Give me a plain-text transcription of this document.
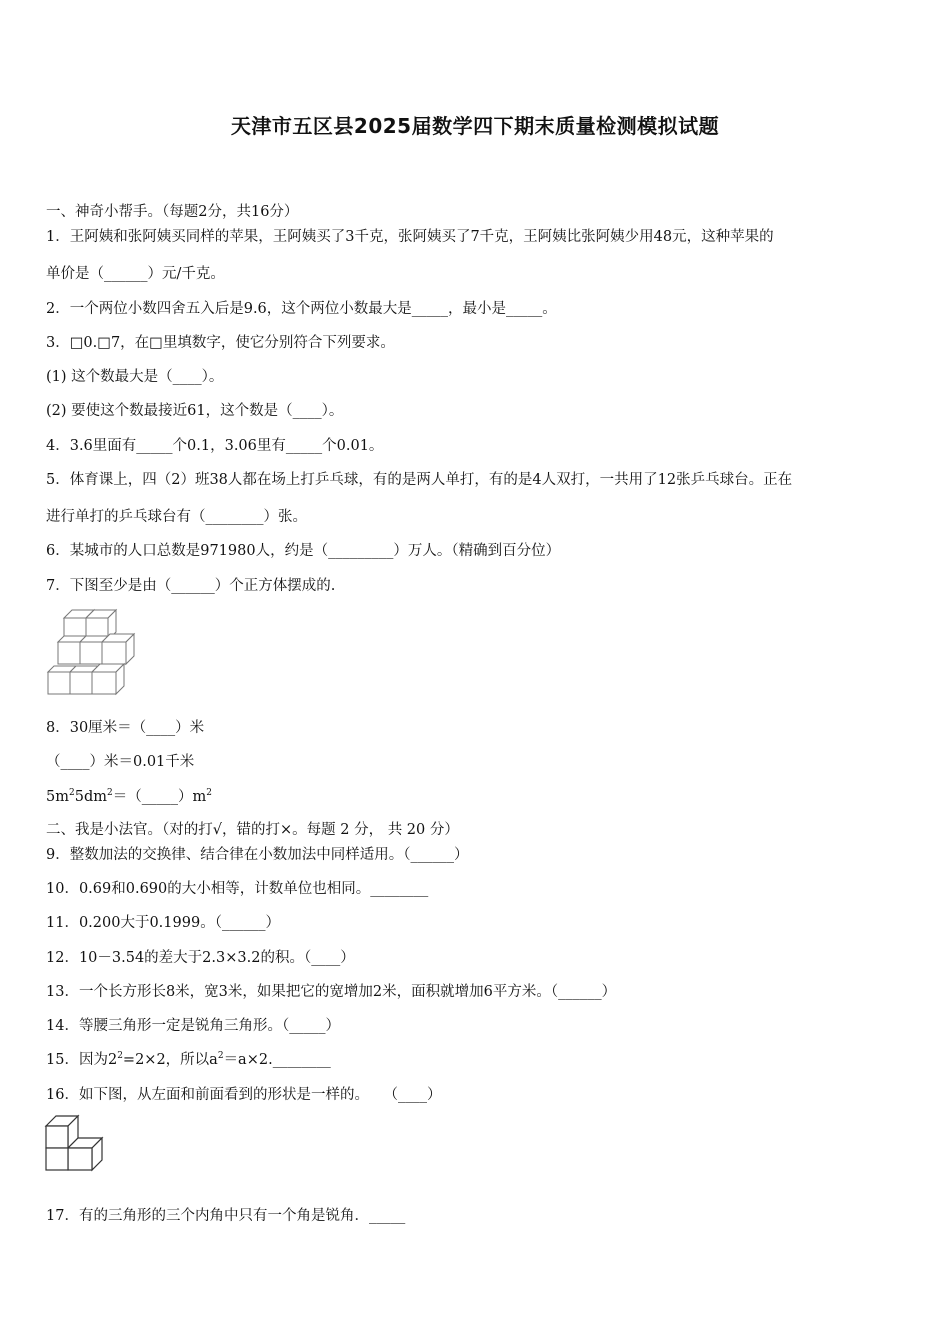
天津市五区县2025届数学四下期末质量检测模拟试题
一、神奇小帮手。（每题2分，共16分）
1．王阿姨和张阿姨买同样的苹果，王阿姨买了3千克，张阿姨买了7千克，王阿姨比张阿姨少用48元，这种苹果的
单价是（______）元/千克。
2．一个两位小数四舍五入后是9.6，这个两位小数最大是_____，最小是_____。
3．□0.□7，在□里填数字，使它分别符合下列要求。
(1) 这个数最大是（____）。
(2) 要使这个数最接近61，这个数是（____）。
4．3.6里面有_____个0.1，3.06里有_____个0.01。
5．体育课上，四（2）班38人都在场上打乒乓球，有的是两人单打，有的是4人双打，一共用了12张乒乓球台。正在
进行单打的乒乓球台有（________）张。
6．某城市的人口总数是971980人，约是（_________）万人。（精确到百分位）
7．下图至少是由（______）个正方体摆成的.
8．30厘米＝（____）米
（____）米＝0.01千米
$5m^25dm^2=(\_\_\_\_\_)m^2$
二、我是小法官。（对的打√，错的打×。每题 2 分， 共 20 分）
9．整数加法的交换律、结合律在小数加法中同样适用。（______）
10．0.69和0.690的大小相等，计数单位也相同。________
11．0.200大于0.1999。（______）
12．10－3.54的差大于2.3×3.2的积。（____）
13．一个长方形长8米，宽3米，如果把它的宽增加2米，面积就增加6平方米。（______）
14．等腰三角形一定是锐角三角形。（_____）
15．因为$2^2=2\times 2$，所以$a^2=a\times 2.\_\_\_\_\_\_\_\_$
16．如下图，从左面和前面看到的形状是一样的。　　（____）
17．有的三角形的三个内角中只有一个角是锐角．_____
